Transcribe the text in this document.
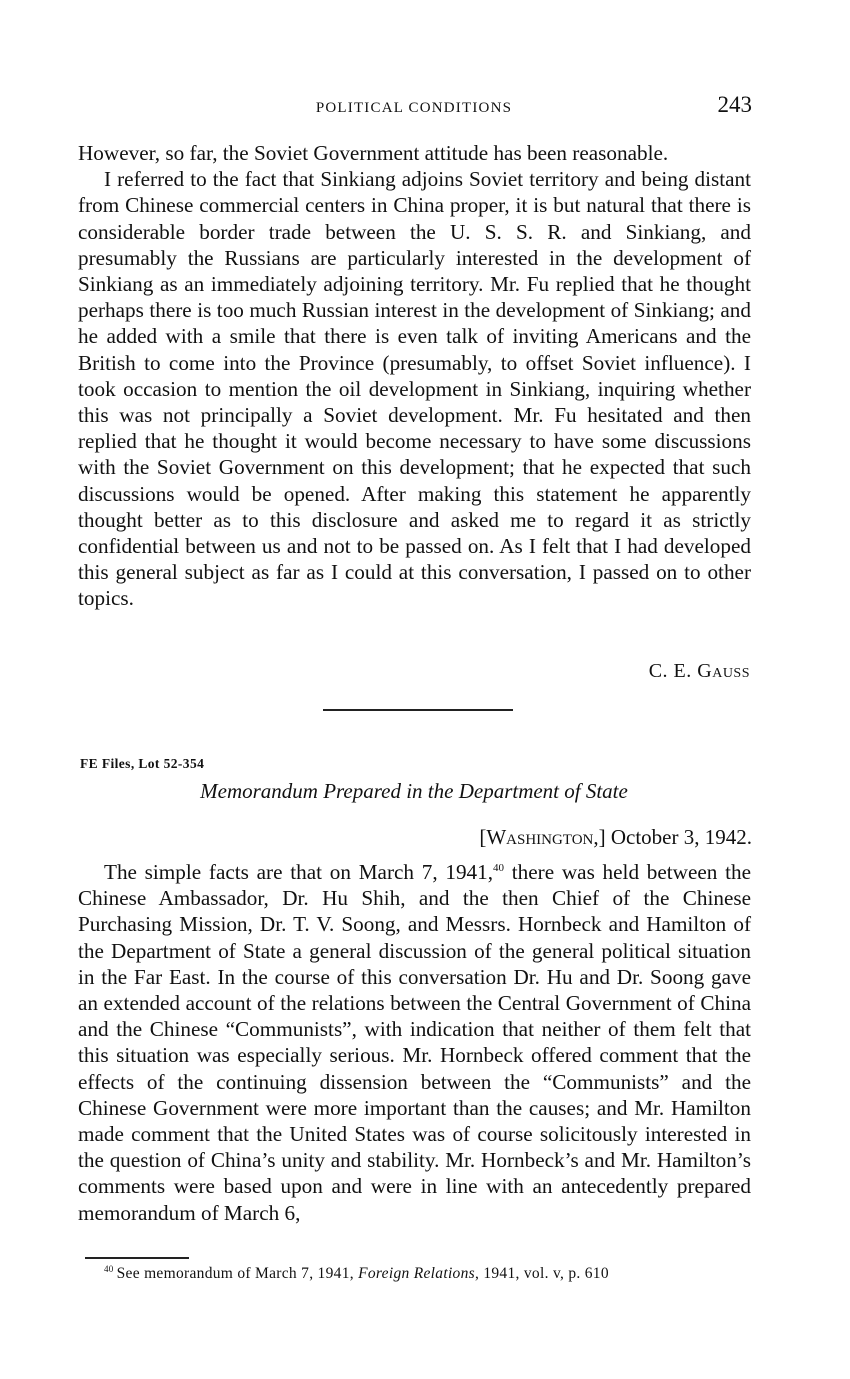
POLITICAL CONDITIONS	243

However, so far, the Soviet Government attitude has been reasonable.

I referred to the fact that Sinkiang adjoins Soviet territory and being distant from Chinese commercial centers in China proper, it is but natural that there is considerable border trade between the U. S. S. R. and Sinkiang, and presumably the Russians are particularly interested in the development of Sinkiang as an immediately adjoining territory. Mr. Fu replied that he thought perhaps there is too much Russian interest in the development of Sinkiang; and he added with a smile that there is even talk of inviting Americans and the British to come into the Province (presumably, to offset Soviet influence). I took occasion to mention the oil development in Sinkiang, inquiring whether this was not principally a Soviet development. Mr. Fu hesitated and then replied that he thought it would become necessary to have some discussions with the Soviet Government on this development; that he expected that such discussions would be opened. After making this statement he apparently thought better as to this disclosure and asked me to regard it as strictly confidential between us and not to be passed on. As I felt that I had developed this general subject as far as I could at this conversation, I passed on to other topics.

C. E. Gauss
FE Files, Lot 52-354
Memorandum Prepared in the Department of State
[Washington,] October 3, 1942.

The simple facts are that on March 7, 1941,40 there was held between the Chinese Ambassador, Dr. Hu Shih, and the then Chief of the Chinese Purchasing Mission, Dr. T. V. Soong, and Messrs. Hornbeck and Hamilton of the Department of State a general discussion of the general political situation in the Far East. In the course of this conversation Dr. Hu and Dr. Soong gave an extended account of the relations between the Central Government of China and the Chinese “Communists”, with indication that neither of them felt that this situation was especially serious. Mr. Hornbeck offered comment that the effects of the continuing dissension between the “Communists” and the Chinese Government were more important than the causes; and Mr. Hamilton made comment that the United States was of course solicitously interested in the question of China’s unity and stability. Mr. Hornbeck’s and Mr. Hamilton’s comments were based upon and were in line with an antecedently prepared memorandum of March 6,

$^{40}$ See memorandum of March 7, 1941, Foreign Relations, 1941, vol. v, p. 610
